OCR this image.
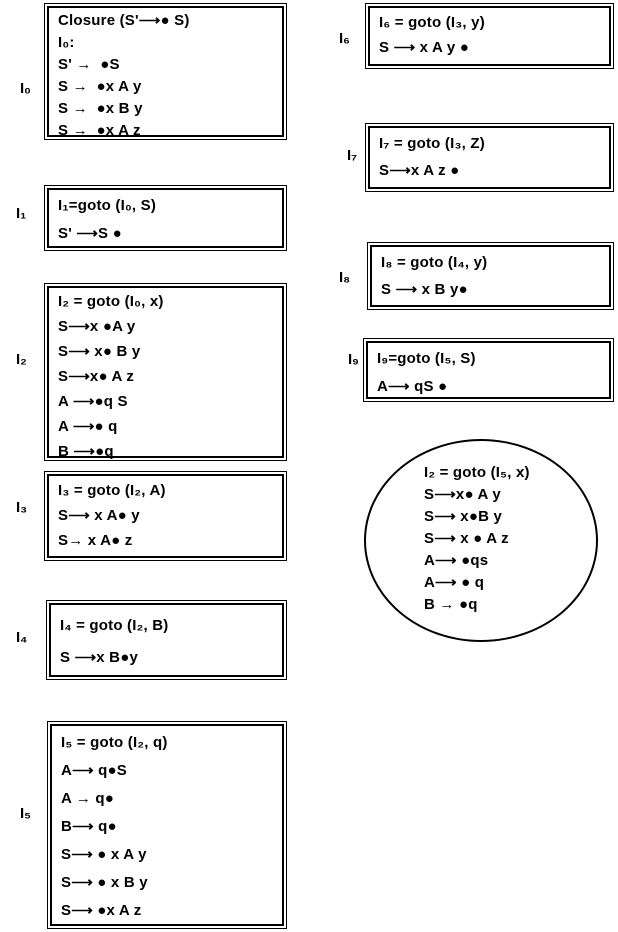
I₀
I₁
I₂
I₃
I₄
I₅
I₆
I₇
I₈
I₉
Closure (S'⟶● S)
I₀:
S' →  ●S
S →  ●x A y
S →  ●x B y
S →  ●x A z
I₁=goto (I₀, S)
S' ⟶S ●
I₂ = goto (I₀, x)
S⟶x ●A y
S⟶ x● B y
S⟶x● A z
A ⟶●q S
A ⟶● q
B ⟶●q
I₃ = goto (I₂, A)
S⟶ x A● y
S→ x A● z
I₄ = goto (I₂, B)
S ⟶x B●y
I₅ = goto (I₂, q)
A⟶ q●S
A → q●
B⟶ q●
S⟶ ● x A y
S⟶ ● x B y
S⟶ ●x A z
I₆ = goto (I₃, y)
S ⟶ x A y ●
I₇ = goto (I₃, Z)
S⟶x A z ●
I₈ = goto (I₄, y)
S ⟶ x B y●
I₉=goto (I₅, S)
A⟶ qS ●
I₂ = goto (I₅, x)
S⟶x● A y
S⟶ x●B y
S⟶ x ● A z
A⟶ ●qs
A⟶ ● q
B → ●q
